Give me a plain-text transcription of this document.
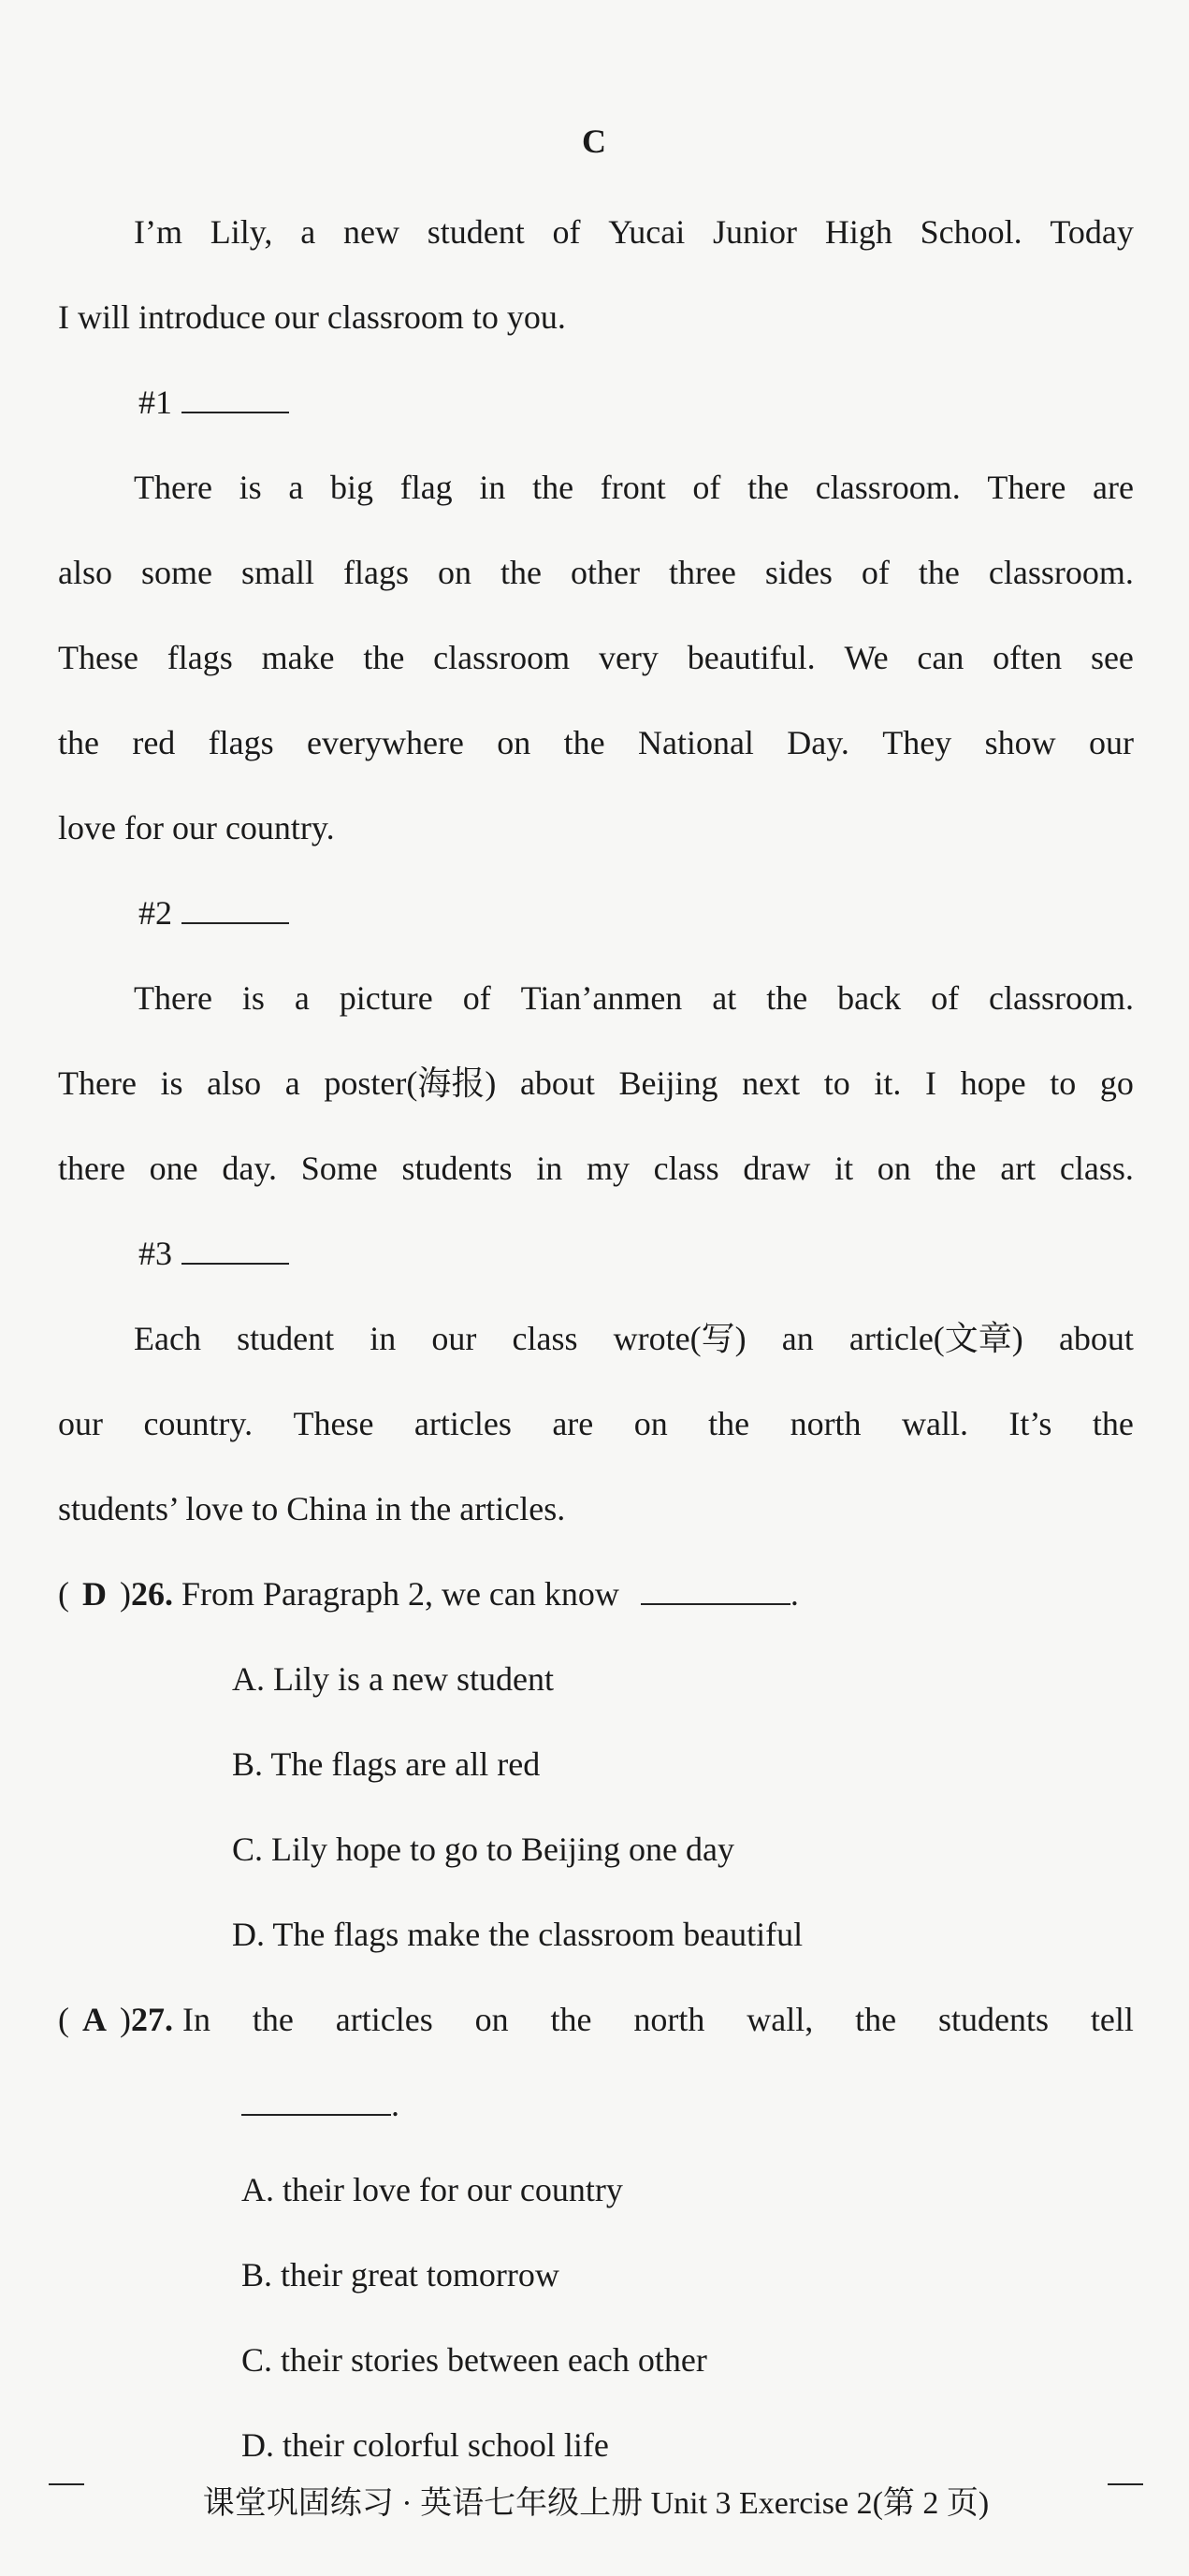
C
I’m Lily, a new student of Yucai Junior High School. Today
I will introduce our classroom to you.
#1
There is a big flag in the front of the classroom. There are
also some small flags on the other three sides of the classroom.
These flags make the classroom very beautiful. We can often see
the red flags everywhere on the National Day. They show our
love for our country.
#2
There is a picture of Tian’anmen at the back of classroom.
There is also a poster(海报) about Beijing next to it. I hope to go
there one day. Some students in my class draw it on the art class.
#3
Each student in our class wrote(写) an article(文章) about
our country. These articles are on the north wall. It’s the
students’ love to China in the articles.
( D )26. From Paragraph 2, we can know	.
A. Lily is a new student
B. The flags are all red
C. Lily hope to go to Beijing one day
D. The flags make the classroom beautiful
( A )27. In the articles on the north wall, the students tell
.
A. their love for our country
B. their great tomorrow
C. their stories between each other
D. their colorful school life
课堂巩固练习 · 英语七年级上册 Unit 3 Exercise 2(第 2 页)
